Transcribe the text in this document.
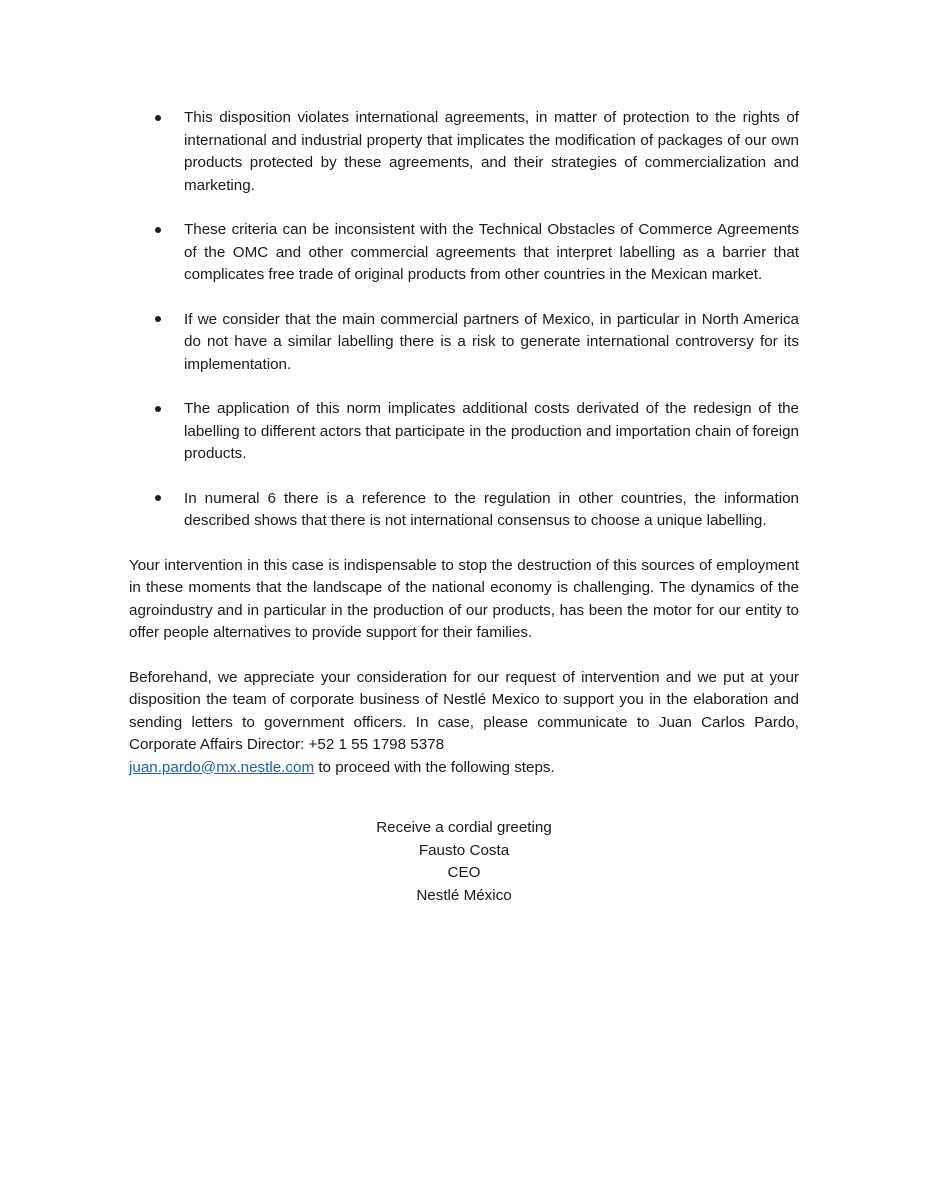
This disposition violates international agreements, in matter of protection to the rights of international and industrial property that implicates the modification of packages of our own products protected by these agreements, and their strategies of commercialization and marketing.
These criteria can be inconsistent with the Technical Obstacles of Commerce Agreements of the OMC and other commercial agreements that interpret labelling as a barrier that complicates free trade of original products from other countries in the Mexican market.
If we consider that the main commercial partners of Mexico, in particular in North America do not have a similar labelling there is a risk to generate international controversy for its implementation.
The application of this norm implicates additional costs derivated of the redesign of the labelling to different actors that participate in the production and importation chain of foreign products.
In numeral 6 there is a reference to the regulation in other countries, the information described shows that there is not international consensus to choose a unique labelling.

Your intervention in this case is indispensable to stop the destruction of this sources of employment in these moments that the landscape of the national economy is challenging. The dynamics of the agroindustry and in particular in the production of our products, has been the motor for our entity to offer people alternatives to provide support for their families.

Beforehand, we appreciate your consideration for our request of intervention and we put at your disposition the team of corporate business of Nestlé Mexico to support you in the elaboration and sending letters to government officers. In case, please communicate to Juan Carlos Pardo, Corporate Affairs Director: +52 1 55 1798 5378
juan.pardo@mx.nestle.com to proceed with the following steps.

Receive a cordial greeting
Fausto Costa
CEO
Nestlé México
